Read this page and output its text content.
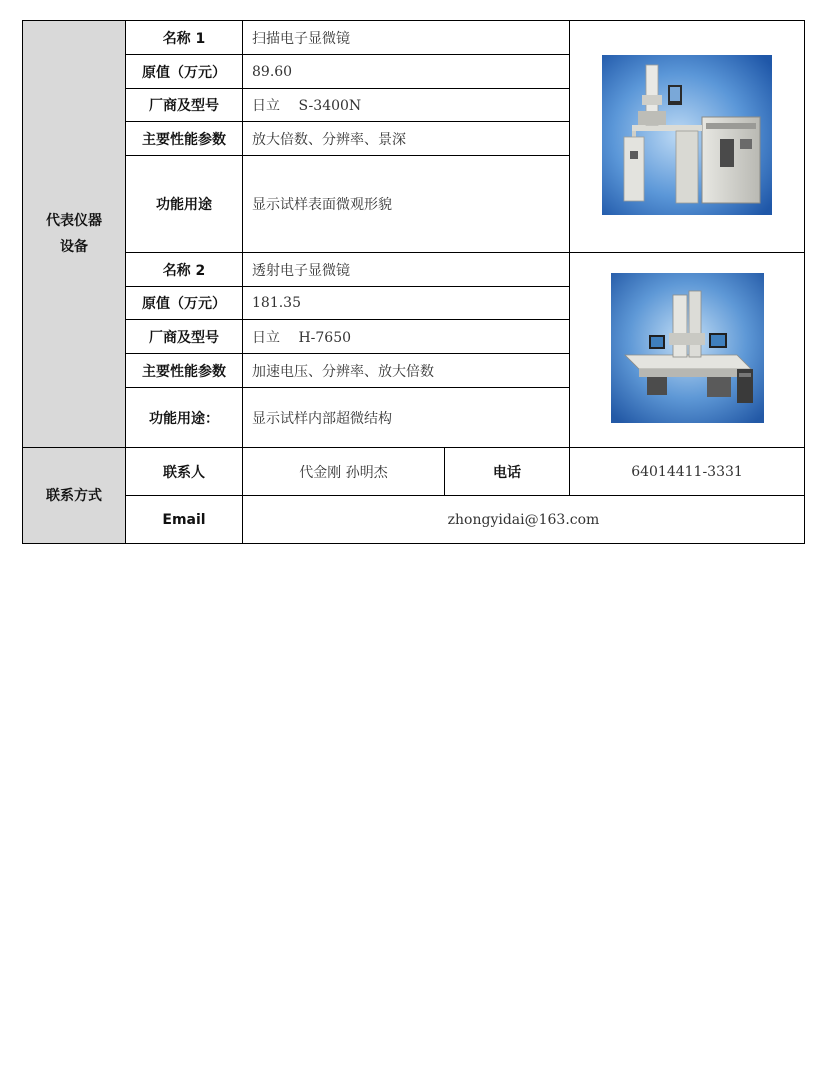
代表仪器
设备	名称 1	扫描电子显微镜	

	原值（万元）	89.60		
	厂商及型号	日立　 S-3400N		
	主要性能参数	放大倍数、分辨率、景深		
	功能用途	显示试样表面微观形貌		
	名称 2	透射电子显微镜	

	原值（万元）	181.35		
	厂商及型号	日立　 H-7650		
	主要性能参数	加速电压、分辨率、放大倍数		
	功能用途：	显示试样内部超微结构		
联系方式	联系人	代金刚 孙明杰	电话	64014411-3331
	Email	zhongyidai@163.com		
